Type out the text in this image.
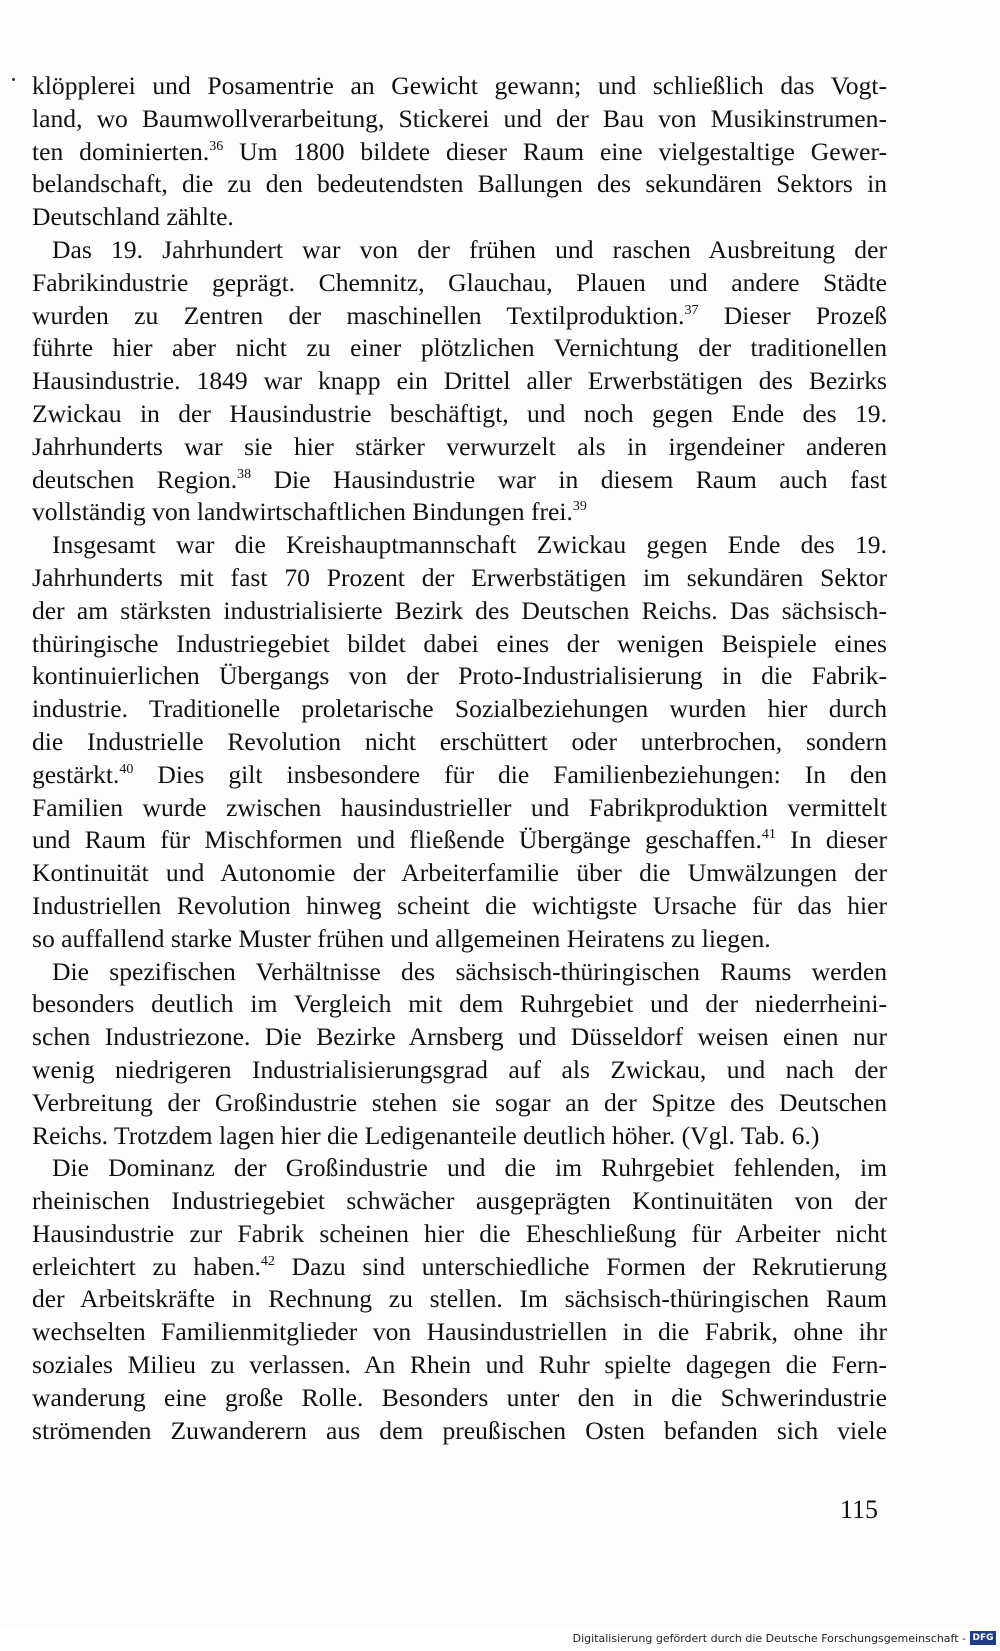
klöpplerei und Posamentrie an Gewicht gewann; und schließlich das Vogt-
land, wo Baumwollverarbeitung, Stickerei und der Bau von Musikinstrumen-
ten dominierten.$^{36}$ Um 1800 bildete dieser Raum eine vielgestaltige Gewer-
belandschaft, die zu den bedeutendsten Ballungen des sekundären Sektors in
Deutschland zählte.

Das 19. Jahrhundert war von der frühen und raschen Ausbreitung der
Fabrikindustrie geprägt. Chemnitz, Glauchau, Plauen und andere Städte
wurden zu Zentren der maschinellen Textilproduktion.$^{37}$ Dieser Prozeß
führte hier aber nicht zu einer plötzlichen Vernichtung der traditionellen
Hausindustrie. 1849 war knapp ein Drittel aller Erwerbstätigen des Bezirks
Zwickau in der Hausindustrie beschäftigt, und noch gegen Ende des 19.
Jahrhunderts war sie hier stärker verwurzelt als in irgendeiner anderen
deutschen Region.$^{38}$ Die Hausindustrie war in diesem Raum auch fast
vollständig von landwirtschaftlichen Bindungen frei.$^{39}$

Insgesamt war die Kreishauptmannschaft Zwickau gegen Ende des 19.
Jahrhunderts mit fast 70 Prozent der Erwerbstätigen im sekundären Sektor
der am stärksten industrialisierte Bezirk des Deutschen Reichs. Das sächsisch-
thüringische Industriegebiet bildet dabei eines der wenigen Beispiele eines
kontinuierlichen Übergangs von der Proto-Industrialisierung in die Fabrik-
industrie. Traditionelle proletarische Sozialbeziehungen wurden hier durch
die Industrielle Revolution nicht erschüttert oder unterbrochen, sondern
gestärkt.$^{40}$ Dies gilt insbesondere für die Familienbeziehungen: In den
Familien wurde zwischen hausindustrieller und Fabrikproduktion vermittelt
und Raum für Mischformen und fließende Übergänge geschaffen.$^{41}$ In dieser
Kontinuität und Autonomie der Arbeiterfamilie über die Umwälzungen der
Industriellen Revolution hinweg scheint die wichtigste Ursache für das hier
so auffallend starke Muster frühen und allgemeinen Heiratens zu liegen.

Die spezifischen Verhältnisse des sächsisch-thüringischen Raums werden
besonders deutlich im Vergleich mit dem Ruhrgebiet und der niederrheini-
schen Industriezone. Die Bezirke Arnsberg und Düsseldorf weisen einen nur
wenig niedrigeren Industrialisierungsgrad auf als Zwickau, und nach der
Verbreitung der Großindustrie stehen sie sogar an der Spitze des Deutschen
Reichs. Trotzdem lagen hier die Ledigenanteile deutlich höher. (Vgl. Tab. 6.)

Die Dominanz der Großindustrie und die im Ruhrgebiet fehlenden, im
rheinischen Industriegebiet schwächer ausgeprägten Kontinuitäten von der
Hausindustrie zur Fabrik scheinen hier die Eheschließung für Arbeiter nicht
erleichtert zu haben.$^{42}$ Dazu sind unterschiedliche Formen der Rekrutierung
der Arbeitskräfte in Rechnung zu stellen. Im sächsisch-thüringischen Raum
wechselten Familienmitglieder von Hausindustriellen in die Fabrik, ohne ihr
soziales Milieu zu verlassen. An Rhein und Ruhr spielte dagegen die Fern-
wanderung eine große Rolle. Besonders unter den in die Schwerindustrie
strömenden Zuwanderern aus dem preußischen Osten befanden sich viele

115
Digitalisierung gefördert durch die Deutsche Forschungsgemeinschaft - DFG
